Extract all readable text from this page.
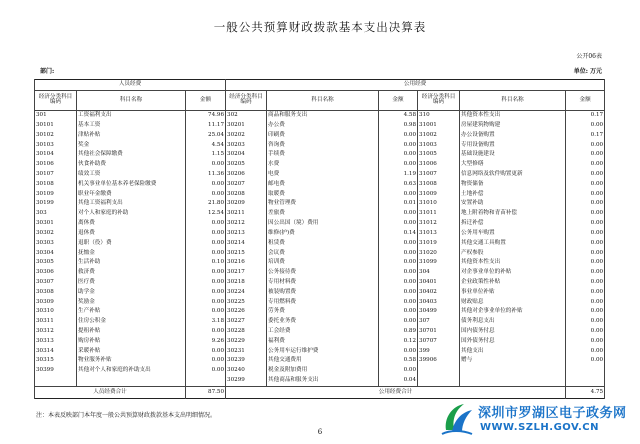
一般公共预算财政拨款基本支出决算表
公开06表
部门:	单位: 万元
人员经费			公用经费					
经济分类科目编码	科目名称	金额	经济分类科目编码	科目名称	金额	经济分类科目编码	科目名称	金额
301	工资福利支出	74.96	302	商品和服务支出	4.58	310	其他资本性支出	0.17
30101	基本工资	11.17	30201	办公费	0.98	31001	房屋建筑物购建	0.00
30102	津贴补贴	25.04	30202	印刷费	0.00	31002	办公设备购置	0.17
30103	奖金	4.54	30203	咨询费	0.00	31003	专用设备购置	0.00
30104	其他社会保障缴费	1.15	30204	手续费	0.00	31005	基础设施建设	0.00
30106	伙食补助费	0.00	30205	水费	0.00	31006	大型修缮	0.00
30107	绩效工资	11.36	30206	电费	1.19	31007	信息网络及软件购置更新	0.00
30108	机关事业单位基本养老保险缴费	0.00	30207	邮电费	0.63	31008	物资储备	0.00
30109	职业年金缴费	0.00	30208	取暖费	0.00	31009	土地补偿	0.00
30199	其他工资福利支出	21.80	30209	物业管理费	0.01	31010	安置补助	0.00
303	对个人和家庭的补助	12.54	30211	差旅费	0.00	31011	地上附着物和青苗补偿	0.00
30301	离休费	0.00	30212	因公出国（境）费用	0.00	31012	拆迁补偿	0.00
30302	退休费	0.00	30213	维修(护)费	0.14	31013	公务用车购置	0.00
30303	退职（役）费	0.00	30214	租赁费	0.00	31019	其他交通工具购置	0.00
30304	抚恤金	0.00	30215	会议费	0.00	31020	产权参股	0.00
30305	生活补助	0.10	30216	培训费	0.00	31099	其他资本性支出	0.00
30306	救济费	0.00	30217	公务接待费	0.00	304	对企事业单位的补贴	0.00
30307	医疗费	0.00	30218	专用材料费	0.00	30401	企业政策性补贴	0.00
30308	助学金	0.00	30224	被装购置费	0.00	30402	事业单位补贴	0.00
30309	奖励金	0.00	30225	专用燃料费	0.00	30403	财政贴息	0.00
30310	生产补贴	0.00	30226	劳务费	0.00	30499	其他对企事业单位的补贴	0.00
30311	住房公积金	3.18	30227	委托业务费	0.00	307	债务利息支出	0.00
30312	提租补贴	0.00	30228	工会经费	0.89	30701	国内债务付息	0.00
30313	购房补贴	9.26	30229	福利费	0.12	30707	国外债务付息	0.00
30314	采暖补贴	0.00	30231	公务用车运行维护费	0.00	399	其他支出	0.00
30315	物业服务补贴	0.00	30239	其他交通费用	0.58	39906	赠与	0.00
30399	其他对个人和家庭的补助支出	0.00	30240	税金及附加费用	0.00			
			30299	其他商品和服务支出	0.04			
人员经费合计		87.50	公用经费合计					4.75
注：本表反映部门本年度一般公共预算财政拨款基本支出明细情况。
6
深圳市罗湖区电子政务网
WWW.SZLH.GOV.CN
